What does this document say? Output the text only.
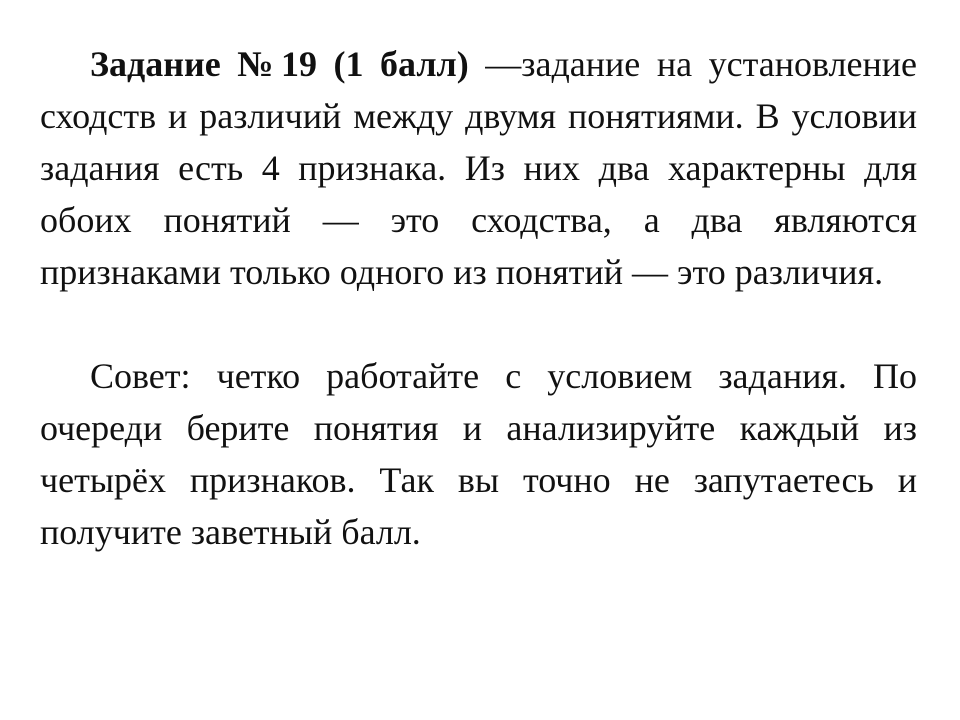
Задание №19 (1 балл) —задание на установление сходств и различий между двумя понятиями. В условии задания есть 4 признака. Из них два характерны для обоих понятий — это сходства, а два являются признаками только одного из понятий — это различия.

Совет: четко работайте с условием задания. По очереди берите понятия и анализируйте каждый из четырёх признаков. Так вы точно не запутаетесь и получите заветный балл.
